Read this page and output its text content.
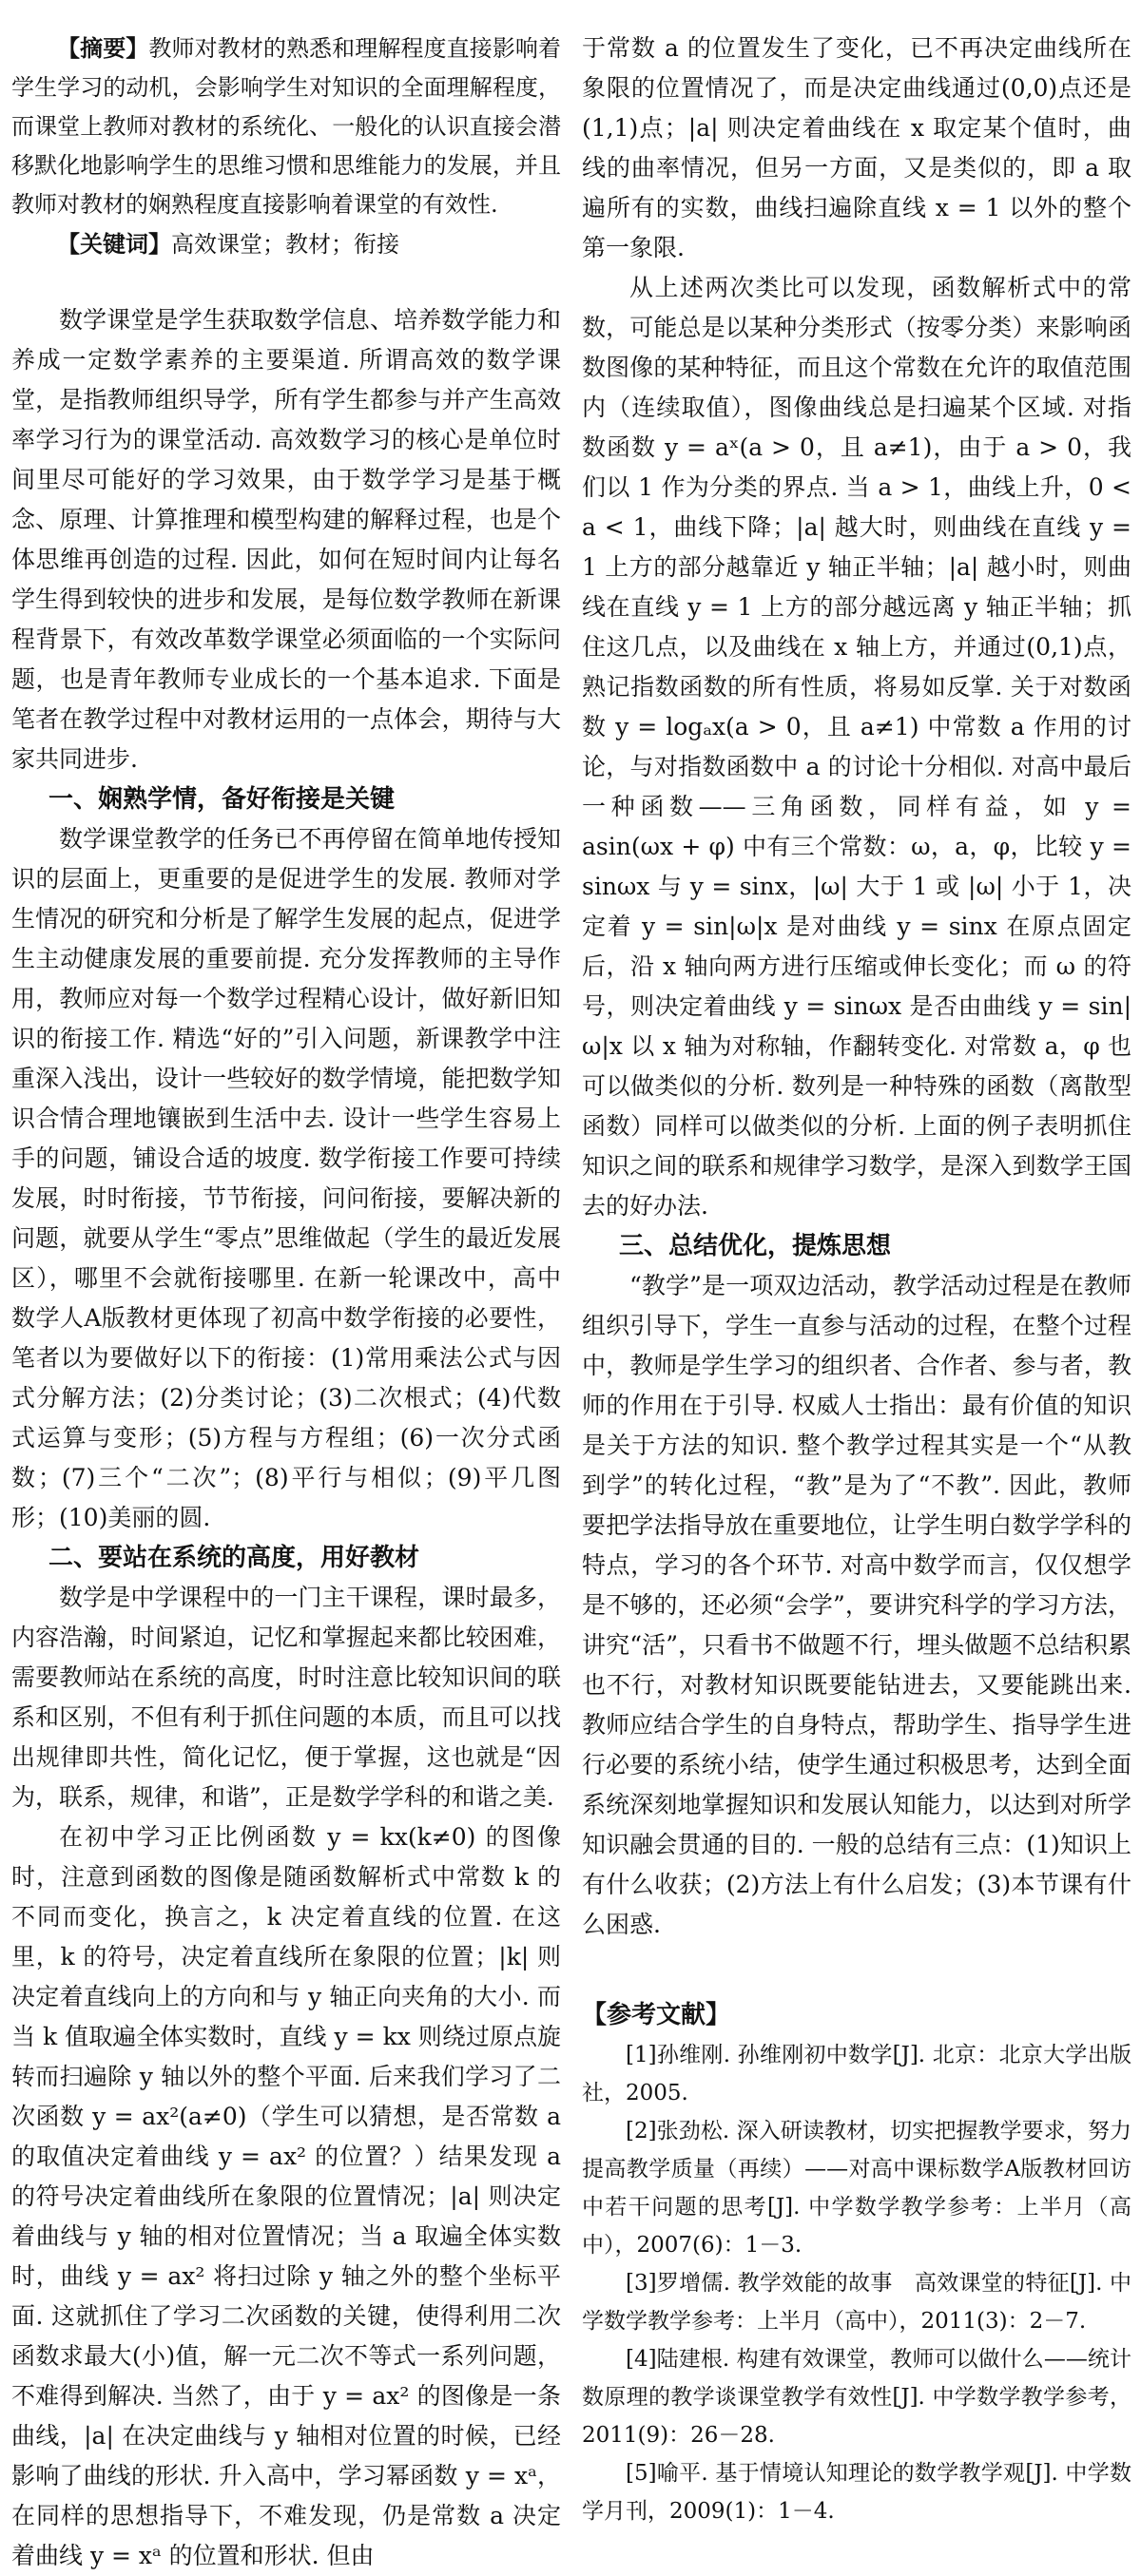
【摘要】教师对教材的熟悉和理解程度直接影响着学生学习的动机，会影响学生对知识的全面理解程度，而课堂上教师对教材的系统化、一般化的认识直接会潜移默化地影响学生的思维习惯和思维能力的发展，并且教师对教材的娴熟程度直接影响着课堂的有效性.

【关键词】高效课堂；教材；衔接

数学课堂是学生获取数学信息、培养数学能力和养成一定数学素养的主要渠道. 所谓高效的数学课堂，是指教师组织导学，所有学生都参与并产生高效率学习行为的课堂活动. 高效数学习的核心是单位时间里尽可能好的学习效果，由于数学学习是基于概念、原理、计算推理和模型构建的解释过程，也是个体思维再创造的过程. 因此，如何在短时间内让每名学生得到较快的进步和发展，是每位数学教师在新课程背景下，有效改革数学课堂必须面临的一个实际问题，也是青年教师专业成长的一个基本追求. 下面是笔者在教学过程中对教材运用的一点体会，期待与大家共同进步.

一、娴熟学情，备好衔接是关键

数学课堂教学的任务已不再停留在简单地传授知识的层面上，更重要的是促进学生的发展. 教师对学生情况的研究和分析是了解学生发展的起点，促进学生主动健康发展的重要前提. 充分发挥教师的主导作用，教师应对每一个数学过程精心设计，做好新旧知识的衔接工作. 精选“好的”引入问题，新课教学中注重深入浅出，设计一些较好的数学情境，能把数学知识合情合理地镶嵌到生活中去. 设计一些学生容易上手的问题，铺设合适的坡度. 数学衔接工作要可持续发展，时时衔接，节节衔接，问问衔接，要解决新的问题，就要从学生“零点”思维做起（学生的最近发展区），哪里不会就衔接哪里. 在新一轮课改中，高中数学人A版教材更体现了初高中数学衔接的必要性，笔者以为要做好以下的衔接：(1)常用乘法公式与因式分解方法；(2)分类讨论；(3)二次根式；(4)代数式运算与变形；(5)方程与方程组；(6)一次分式函数；(7)三个“二次”；(8)平行与相似；(9)平几图形；(10)美丽的圆.

二、要站在系统的高度，用好教材

数学是中学课程中的一门主干课程，课时最多，内容浩瀚，时间紧迫，记忆和掌握起来都比较困难，需要教师站在系统的高度，时时注意比较知识间的联系和区别，不但有利于抓住问题的本质，而且可以找出规律即共性，简化记忆，便于掌握，这也就是“因为，联系，规律，和谐”，正是数学学科的和谐之美.

在初中学习正比例函数 y = kx(k≠0) 的图像时，注意到函数的图像是随函数解析式中常数 k 的不同而变化，换言之，k 决定着直线的位置. 在这里，k 的符号，决定着直线所在象限的位置；|k| 则决定着直线向上的方向和与 y 轴正向夹角的大小. 而当 k 值取遍全体实数时，直线 y = kx 则绕过原点旋转而扫遍除 y 轴以外的整个平面. 后来我们学习了二次函数 y = ax²(a≠0)（学生可以猜想，是否常数 a 的取值决定着曲线 y = ax² 的位置？）结果发现 a 的符号决定着曲线所在象限的位置情况；|a| 则决定着曲线与 y 轴的相对位置情况；当 a 取遍全体实数时，曲线 y = ax² 将扫过除 y 轴之外的整个坐标平面. 这就抓住了学习二次函数的关键，使得利用二次函数求最大(小)值，解一元二次不等式一系列问题，不难得到解决. 当然了，由于 y = ax² 的图像是一条曲线，|a| 在决定曲线与 y 轴相对位置的时候，已经影响了曲线的形状. 升入高中，学习幂函数 y = xᵃ，在同样的思想指导下，不难发现，仍是常数 a 决定着曲线 y = xᵃ 的位置和形状. 但由

于常数 a 的位置发生了变化，已不再决定曲线所在象限的位置情况了，而是决定曲线通过(0,0)点还是(1,1)点；|a| 则决定着曲线在 x 取定某个值时，曲线的曲率情况，但另一方面，又是类似的，即 a 取遍所有的实数，曲线扫遍除直线 x = 1 以外的整个第一象限.

从上述两次类比可以发现，函数解析式中的常数，可能总是以某种分类形式（按零分类）来影响函数图像的某种特征，而且这个常数在允许的取值范围内（连续取值），图像曲线总是扫遍某个区域. 对指数函数 y = aˣ(a > 0，且 a≠1)，由于 a > 0，我们以 1 作为分类的界点. 当 a > 1，曲线上升，0 < a < 1，曲线下降；|a| 越大时，则曲线在直线 y = 1 上方的部分越靠近 y 轴正半轴；|a| 越小时，则曲线在直线 y = 1 上方的部分越远离 y 轴正半轴；抓住这几点，以及曲线在 x 轴上方，并通过(0,1)点，熟记指数函数的所有性质，将易如反掌. 关于对数函数 y = logₐx(a > 0，且 a≠1) 中常数 a 作用的讨论，与对指数函数中 a 的讨论十分相似. 对高中最后一种函数——三角函数，同样有益，如 y = asin(ωx + φ) 中有三个常数：ω，a，φ，比较 y = sinωx 与 y = sinx，|ω| 大于 1 或 |ω| 小于 1，决定着 y = sin|ω|x 是对曲线 y = sinx 在原点固定后，沿 x 轴向两方进行压缩或伸长变化；而 ω 的符号，则决定着曲线 y = sinωx 是否由曲线 y = sin|ω|x 以 x 轴为对称轴，作翻转变化. 对常数 a，φ 也可以做类似的分析. 数列是一种特殊的函数（离散型函数）同样可以做类似的分析. 上面的例子表明抓住知识之间的联系和规律学习数学，是深入到数学王国去的好办法.

三、总结优化，提炼思想

“教学”是一项双边活动，教学活动过程是在教师组织引导下，学生一直参与活动的过程，在整个过程中，教师是学生学习的组织者、合作者、参与者，教师的作用在于引导. 权威人士指出：最有价值的知识是关于方法的知识. 整个教学过程其实是一个“从教到学”的转化过程，“教”是为了“不教”. 因此，教师要把学法指导放在重要地位，让学生明白数学学科的特点，学习的各个环节. 对高中数学而言，仅仅想学是不够的，还必须“会学”，要讲究科学的学习方法，讲究“活”，只看书不做题不行，埋头做题不总结积累也不行，对教材知识既要能钻进去，又要能跳出来. 教师应结合学生的自身特点，帮助学生、指导学生进行必要的系统小结，使学生通过积极思考，达到全面系统深刻地掌握知识和发展认知能力，以达到对所学知识融会贯通的目的. 一般的总结有三点：(1)知识上有什么收获；(2)方法上有什么启发；(3)本节课有什么困惑.

【参考文献】

[1]孙维刚. 孙维刚初中数学[J]. 北京：北京大学出版社，2005.

[2]张劲松. 深入研读教材，切实把握教学要求，努力提高教学质量（再续）——对高中课标数学A版教材回访中若干问题的思考[J]. 中学数学教学参考：上半月（高中），2007(6)：1－3.

[3]罗增儒. 教学效能的故事　高效课堂的特征[J]. 中学数学教学参考：上半月（高中），2011(3)：2－7.

[4]陆建根. 构建有效课堂，教师可以做什么——统计数原理的教学谈课堂教学有效性[J]. 中学数学教学参考，2011(9)：26－28.

[5]喻平. 基于情境认知理论的数学教学观[J]. 中学数学月刊，2009(1)：1－4.
